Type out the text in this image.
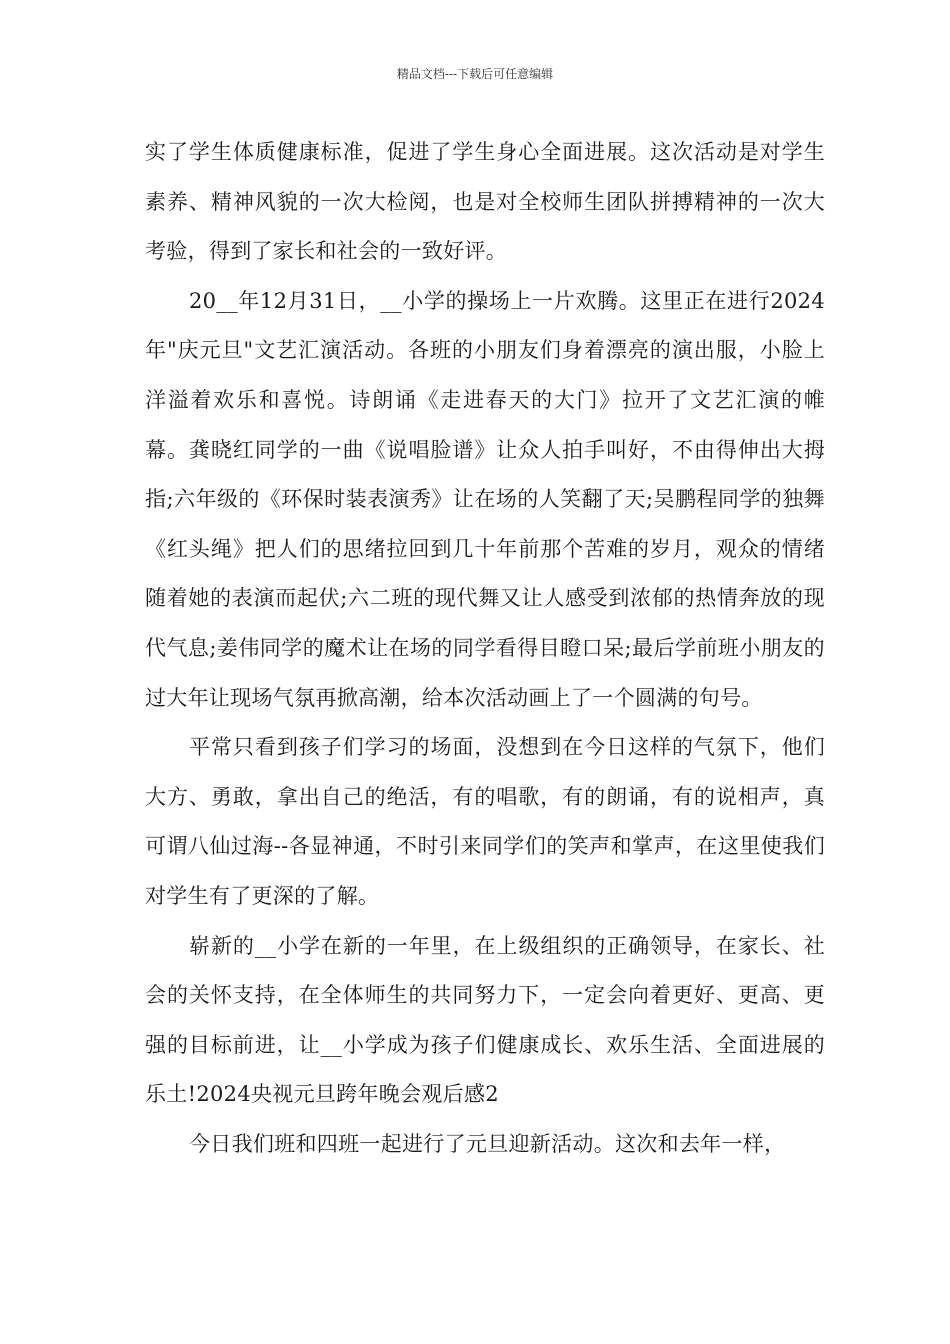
精品文档---下载后可任意编辑

实了学生体质健康标准，促进了学生身心全面进展。这次活动是对学生素养、精神风貌的一次大检阅，也是对全校师生团队拼搏精神的一次大考验，得到了家长和社会的一致好评。

20__年12月31日，__小学的操场上一片欢腾。这里正在进行2024年"庆元旦"文艺汇演活动。各班的小朋友们身着漂亮的演出服，小脸上洋溢着欢乐和喜悦。诗朗诵《走进春天的大门》拉开了文艺汇演的帷幕。龚晓红同学的一曲《说唱脸谱》让众人拍手叫好，不由得伸出大拇指;六年级的《环保时装表演秀》让在场的人笑翻了天;吴鹏程同学的独舞《红头绳》把人们的思绪拉回到几十年前那个苦难的岁月，观众的情绪随着她的表演而起伏;六二班的现代舞又让人感受到浓郁的热情奔放的现代气息;姜伟同学的魔术让在场的同学看得目瞪口呆;最后学前班小朋友的过大年让现场气氛再掀高潮，给本次活动画上了一个圆满的句号。

平常只看到孩子们学习的场面，没想到在今日这样的气氛下，他们大方、勇敢，拿出自己的绝活，有的唱歌，有的朗诵，有的说相声，真可谓八仙过海--各显神通，不时引来同学们的笑声和掌声，在这里使我们对学生有了更深的了解。

崭新的__小学在新的一年里，在上级组织的正确领导，在家长、社会的关怀支持，在全体师生的共同努力下，一定会向着更好、更高、更强的目标前进，让__小学成为孩子们健康成长、欢乐生活、全面进展的乐土!2024央视元旦跨年晚会观后感2

今日我们班和四班一起进行了元旦迎新活动。这次和去年一样，
